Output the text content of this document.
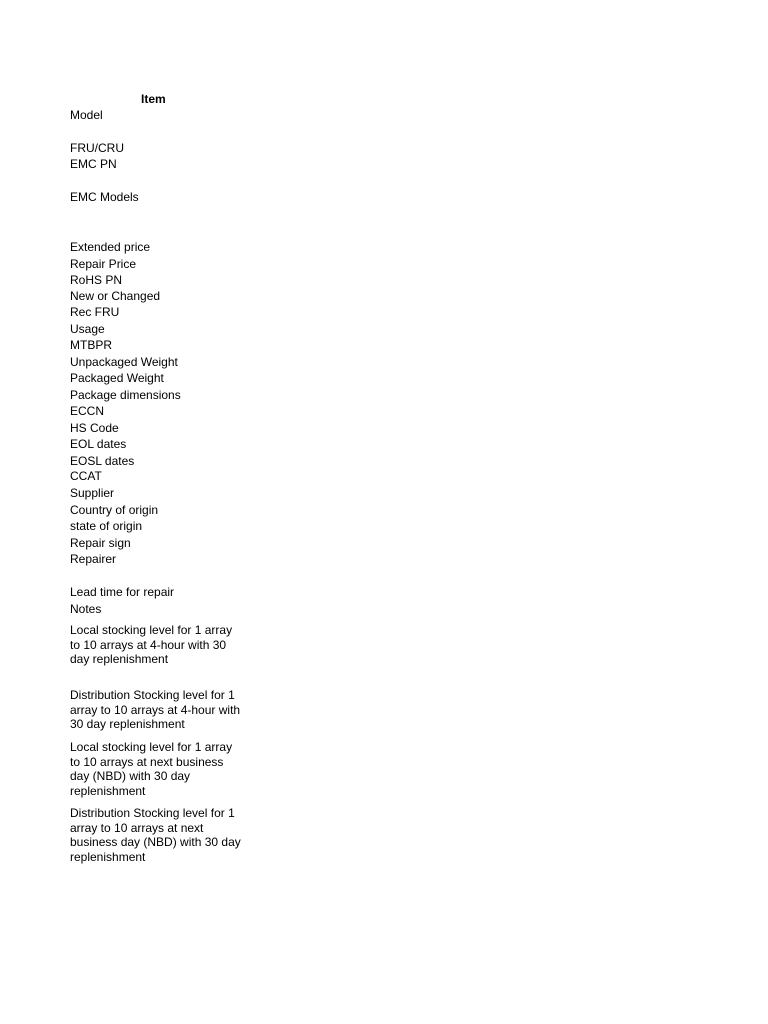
Item
Model
FRU/CRU
EMC PN
EMC Models
Extended price
Repair Price
RoHS PN
New or Changed
Rec FRU
Usage
MTBPR
Unpackaged Weight
Packaged Weight
Package dimensions
ECCN
HS Code
EOL dates
EOSL dates
CCAT
Supplier
Country of origin
state of origin
Repair sign
Repairer
Lead time for repair
Notes
Local stocking level for 1 array to 10 arrays at 4-hour with 30 day replenishment
Distribution Stocking level for 1 array to 10 arrays at 4-hour with 30 day replenishment
Local stocking level for 1 array to 10 arrays at next business day (NBD) with 30 day replenishment
Distribution Stocking level for 1 array to 10 arrays at next business day (NBD) with 30 day replenishment
